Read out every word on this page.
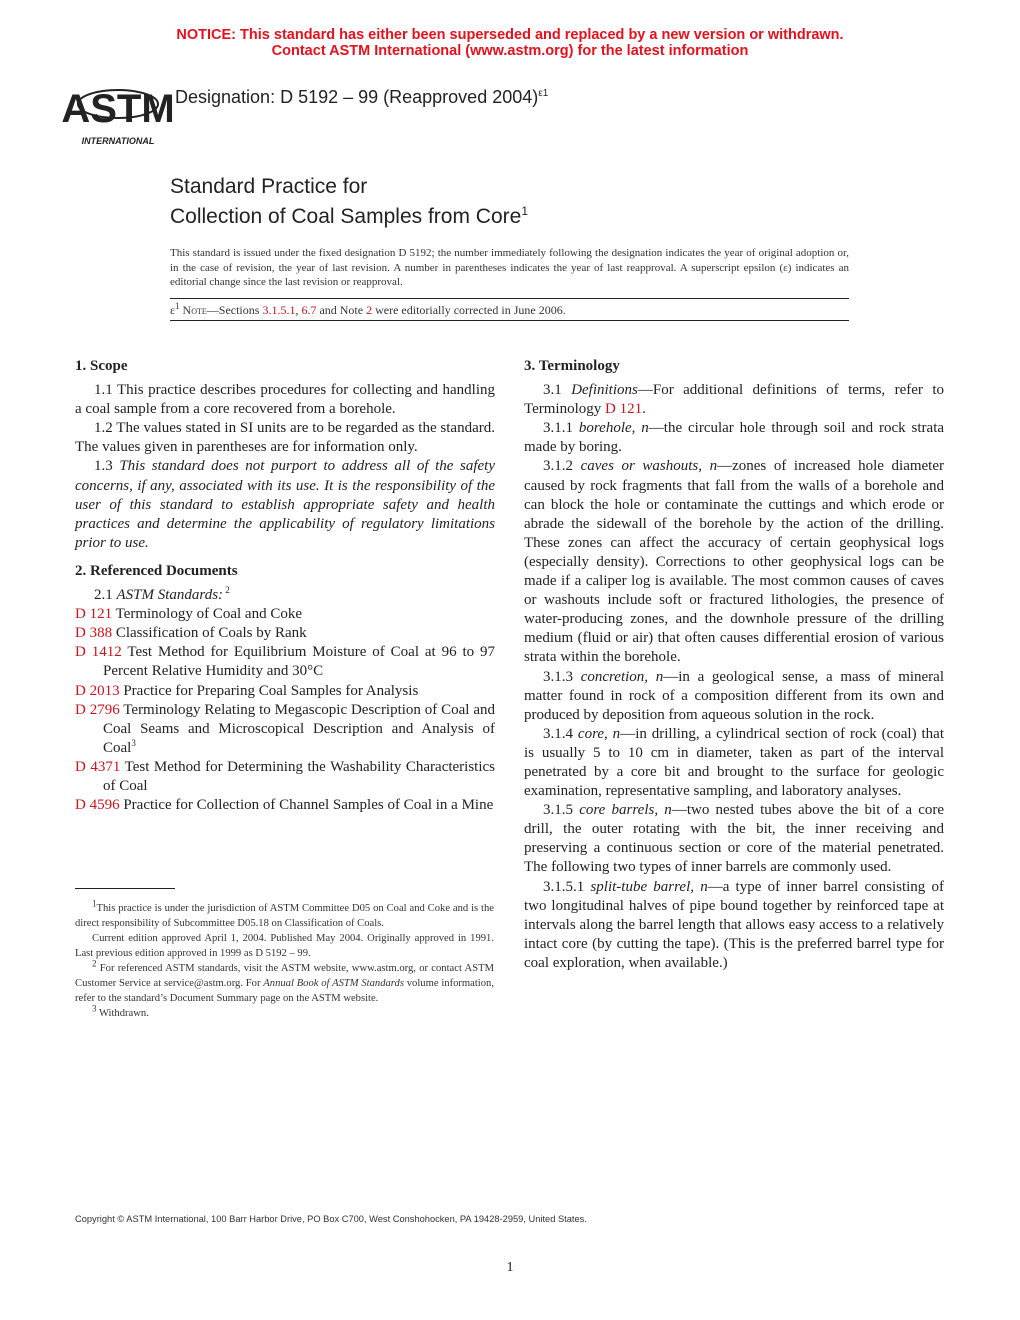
NOTICE: This standard has either been superseded and replaced by a new version or withdrawn.
Contact ASTM International (www.astm.org) for the latest information
ASTM
INTERNATIONAL
Designation: D 5192 – 99 (Reapproved 2004)$^{\varepsilon 1}$
Standard Practice for
Collection of Coal Samples from Core$^1$
This standard is issued under the fixed designation D 5192; the number immediately following the designation indicates the year of original adoption or, in the case of revision, the year of last revision. A number in parentheses indicates the year of last reapproval. A superscript epsilon (ε) indicates an editorial change since the last revision or reapproval.
$\varepsilon^1$ Note—Sections 3.1.5.1, 6.7 and Note 2 were editorially corrected in June 2006.

1. Scope

1.1 This practice describes procedures for collecting and handling a coal sample from a core recovered from a borehole.

1.2 The values stated in SI units are to be regarded as the standard. The values given in parentheses are for information only.

1.3 This standard does not purport to address all of the safety concerns, if any, associated with its use. It is the responsibility of the user of this standard to establish appropriate safety and health practices and determine the applicability of regulatory limitations prior to use.

2. Referenced Documents

2.1 ASTM Standards: $^2$

D 121 Terminology of Coal and Coke

D 388 Classification of Coals by Rank

D 1412 Test Method for Equilibrium Moisture of Coal at 96 to 97 Percent Relative Humidity and 30°C

D 2013 Practice for Preparing Coal Samples for Analysis

D 2796 Terminology Relating to Megascopic Description of Coal and Coal Seams and Microscopical Description and Analysis of Coal$^3$

D 4371 Test Method for Determining the Washability Characteristics of Coal

D 4596 Practice for Collection of Channel Samples of Coal in a Mine

3. Terminology

3.1 Definitions—For additional definitions of terms, refer to Terminology D 121.

3.1.1 borehole, n—the circular hole through soil and rock strata made by boring.

3.1.2 caves or washouts, n—zones of increased hole diameter caused by rock fragments that fall from the walls of a borehole and can block the hole or contaminate the cuttings and which erode or abrade the sidewall of the borehole by the action of the drilling. These zones can affect the accuracy of certain geophysical logs (especially density). Corrections to other geophysical logs can be made if a caliper log is available. The most common causes of caves or washouts include soft or fractured lithologies, the presence of water-producing zones, and the downhole pressure of the drilling medium (fluid or air) that often causes differential erosion of various strata within the borehole.

3.1.3 concretion, n—in a geological sense, a mass of mineral matter found in rock of a composition different from its own and produced by deposition from aqueous solution in the rock.

3.1.4 core, n—in drilling, a cylindrical section of rock (coal) that is usually 5 to 10 cm in diameter, taken as part of the interval penetrated by a core bit and brought to the surface for geologic examination, representative sampling, and laboratory analyses.

3.1.5 core barrels, n—two nested tubes above the bit of a core drill, the outer rotating with the bit, the inner receiving and preserving a continuous section or core of the material penetrated. The following two types of inner barrels are commonly used.

3.1.5.1 split-tube barrel, n—a type of inner barrel consisting of two longitudinal halves of pipe bound together by reinforced tape at intervals along the barrel length that allows easy access to a relatively intact core (by cutting the tape). (This is the preferred barrel type for coal exploration, when available.)

$^1$This practice is under the jurisdiction of ASTM Committee D05 on Coal and Coke and is the direct responsibility of Subcommittee D05.18 on Classification of Coals.

Current edition approved April 1, 2004. Published May 2004. Originally approved in 1991. Last previous edition approved in 1999 as D 5192 – 99.

$^2$ For referenced ASTM standards, visit the ASTM website, www.astm.org, or contact ASTM Customer Service at service@astm.org. For Annual Book of ASTM Standards volume information, refer to the standard’s Document Summary page on the ASTM website.

$^3$ Withdrawn.

Copyright © ASTM International, 100 Barr Harbor Drive, PO Box C700, West Conshohocken, PA 19428-2959, United States.
1
